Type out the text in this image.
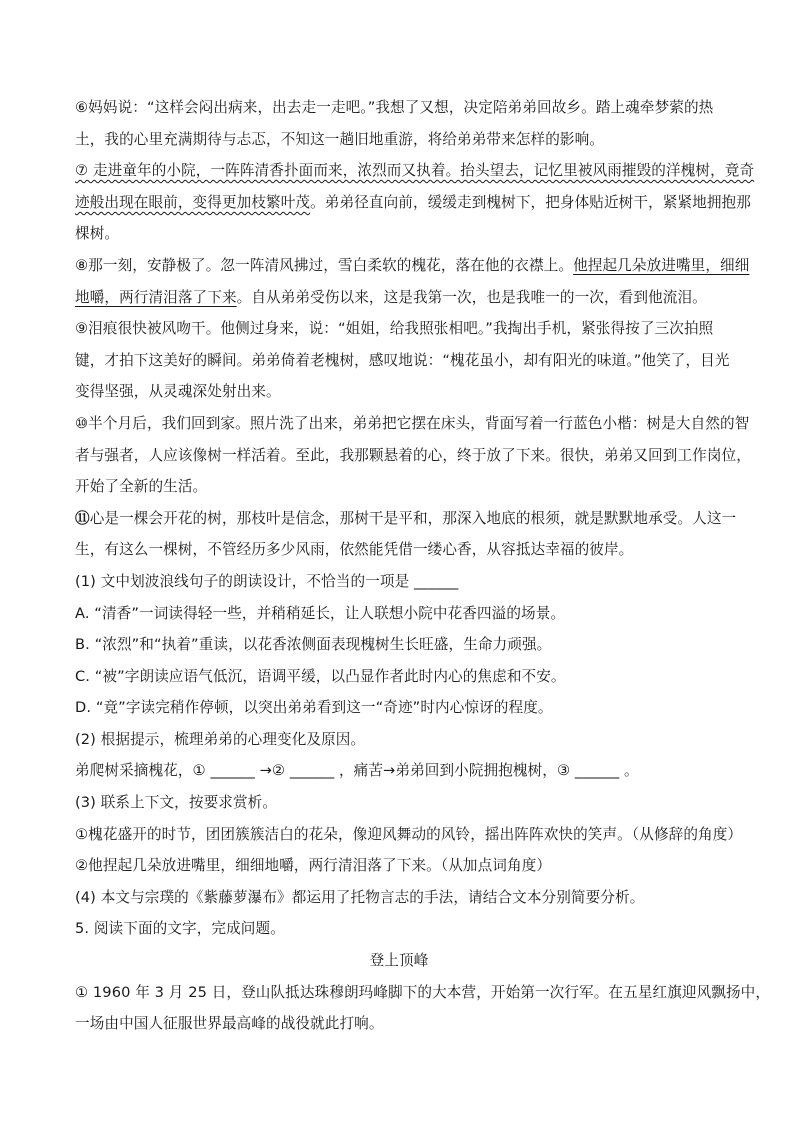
⑥妈妈说：“这样会闷出病来，出去走一走吧。”我想了又想，决定陪弟弟回故乡。踏上魂牵梦萦的热
土，我的心里充满期待与忐忑，不知这一趟旧地重游，将给弟弟带来怎样的影响。
⑦ 走进童年的小院，一阵阵清香扑面而来，浓烈而又执着。抬头望去，记忆里被风雨摧毁的洋槐树，竟奇
迹般出现在眼前，变得更加枝繁叶茂。弟弟径直向前，缓缓走到槐树下，把身体贴近树干，紧紧地拥抱那
棵树。
⑧那一刻，安静极了。忽一阵清风拂过，雪白柔软的槐花，落在他的衣襟上。他捏起几朵放进嘴里，细细
地嚼，两行清泪落了下来。自从弟弟受伤以来，这是我第一次，也是我唯一的一次，看到他流泪。
⑨泪痕很快被风吻干。他侧过身来，说：“姐姐，给我照张相吧。”我掏出手机，紧张得按了三次拍照
键，才拍下这美好的瞬间。弟弟倚着老槐树，感叹地说：“槐花虽小，却有阳光的味道。”他笑了，目光
变得坚强，从灵魂深处射出来。
⑩半个月后，我们回到家。照片洗了出来，弟弟把它摆在床头，背面写着一行蓝色小楷：树是大自然的智
者与强者，人应该像树一样活着。至此，我那颗悬着的心，终于放了下来。很快，弟弟又回到工作岗位，
开始了全新的生活。
⑪心是一棵会开花的树，那枝叶是信念，那树干是平和，那深入地底的根须，就是默默地承受。人这一
生，有这么一棵树，不管经历多少风雨，依然能凭借一缕心香，从容抵达幸福的彼岸。
(1) 文中划波浪线句子的朗读设计，不恰当的一项是 ______
A. “清香”一词读得轻一些，并稍稍延长，让人联想小院中花香四溢的场景。
B. “浓烈”和“执着”重读，以花香浓侧面表现槐树生长旺盛，生命力顽强。
C. “被”字朗读应语气低沉，语调平缓，以凸显作者此时内心的焦虑和不安。
D. “竟”字读完稍作停顿，以突出弟弟看到这一“奇迹”时内心惊讶的程度。
(2) 根据提示，梳理弟弟的心理变化及原因。
弟爬树采摘槐花，① ______ →② ______ ，痛苦→弟弟回到小院拥抱槐树，③ ______ 。
(3) 联系上下文，按要求赏析。
①槐花盛开的时节，团团簇簇洁白的花朵，像迎风舞动的风铃，摇出阵阵欢快的笑声。（从修辞的角度）
②他捏起几朵放进嘴里，细细地嚼，两行清泪落了下来。（从加点词角度）
(4) 本文与宗璞的《紫藤萝瀑布》都运用了托物言志的手法，请结合文本分别简要分析。
5. 阅读下面的文字，完成问题。
登上顶峰
① 1960 年 3 月 25 日，登山队抵达珠穆朗玛峰脚下的大本营，开始第一次行军。在五星红旗迎风飘扬中，
一场由中国人征服世界最高峰的战役就此打响。
